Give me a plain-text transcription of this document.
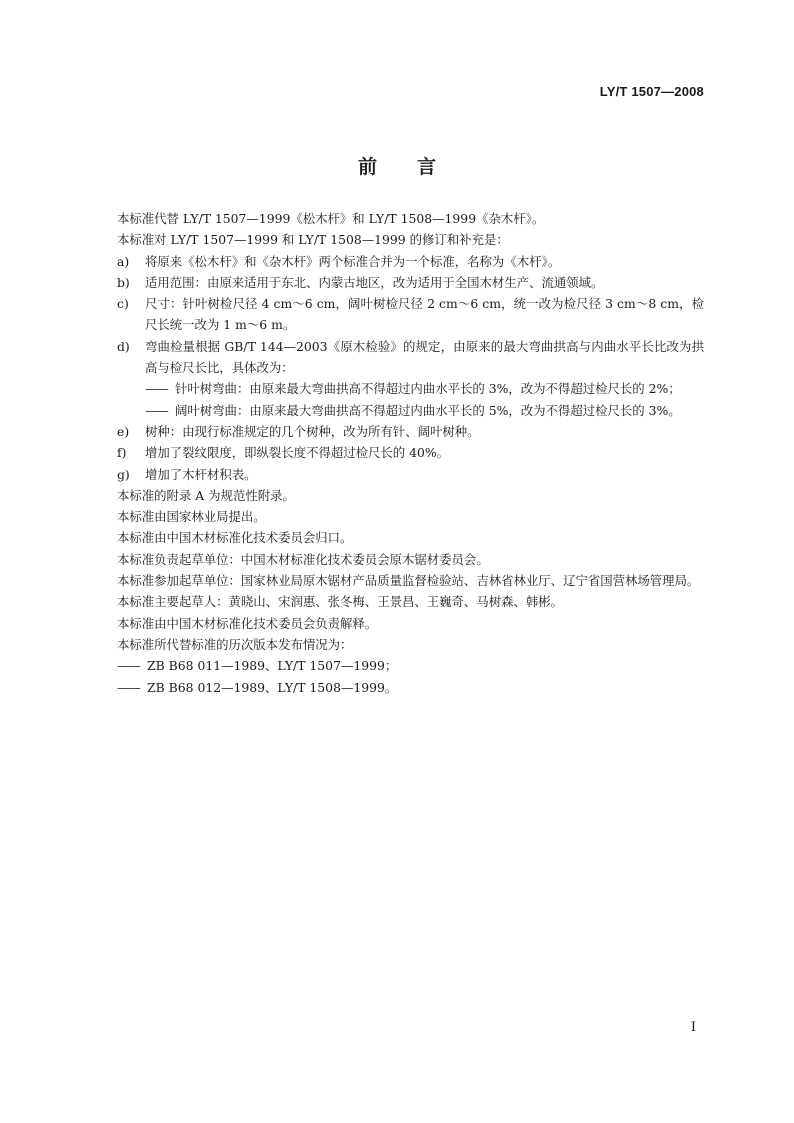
LY/T 1507—2008
前 言

本标准代替 LY/T 1507—1999《松木杆》和 LY/T 1508—1999《杂木杆》。

本标准对 LY/T 1507—1999 和 LY/T 1508—1999 的修订和补充是：

a) 将原来《松木杆》和《杂木杆》两个标准合并为一个标准，名称为《木杆》。
b) 适用范围：由原来适用于东北、内蒙古地区，改为适用于全国木材生产、流通领域。
c) 尺寸：针叶树检尺径 4 cm～6 cm，阔叶树检尺径 2 cm～6 cm，统一改为检尺径 3 cm～8 cm，检尺长统一改为 1 m～6 m。
d) 弯曲检量根据 GB/T 144—2003《原木检验》的规定，由原来的最大弯曲拱高与内曲水平长比改为拱高与检尺长比，具体改为：
—— 针叶树弯曲：由原来最大弯曲拱高不得超过内曲水平长的 3%，改为不得超过检尺长的 2%；
—— 阔叶树弯曲：由原来最大弯曲拱高不得超过内曲水平长的 5%，改为不得超过检尺长的 3%。
e) 树种：由现行标准规定的几个树种，改为所有针、阔叶树种。
f) 增加了裂纹限度，即纵裂长度不得超过检尺长的 40%。
g) 增加了木杆材积表。

本标准的附录 A 为规范性附录。

本标准由国家林业局提出。

本标准由中国木材标准化技术委员会归口。

本标准负责起草单位：中国木材标准化技术委员会原木锯材委员会。

本标准参加起草单位：国家林业局原木锯材产品质量监督检验站、吉林省林业厅、辽宁省国营林场管理局。

本标准主要起草人：黄晓山、宋润惠、张冬梅、王景昌、王巍奇、马树森、韩彬。

本标准由中国木材标准化技术委员会负责解释。

本标准所代替标准的历次版本发布情况为：

—— ZB B68 011—1989、LY/T 1507—1999；
—— ZB B68 012—1989、LY/T 1508—1999。
I
